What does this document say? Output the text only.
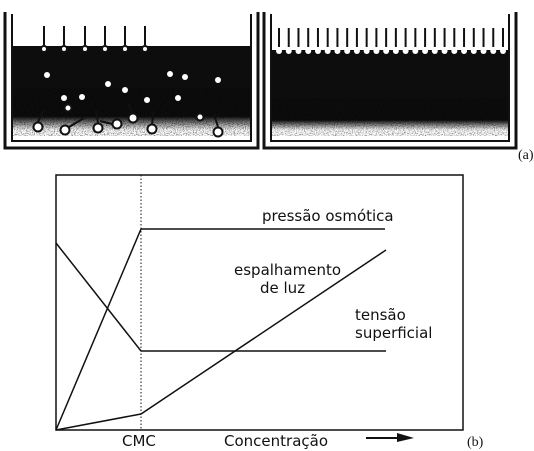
(a)
pressão osmótica
espalhamento
de luz
tensão
superficial
CMC	Concentração	(b)
